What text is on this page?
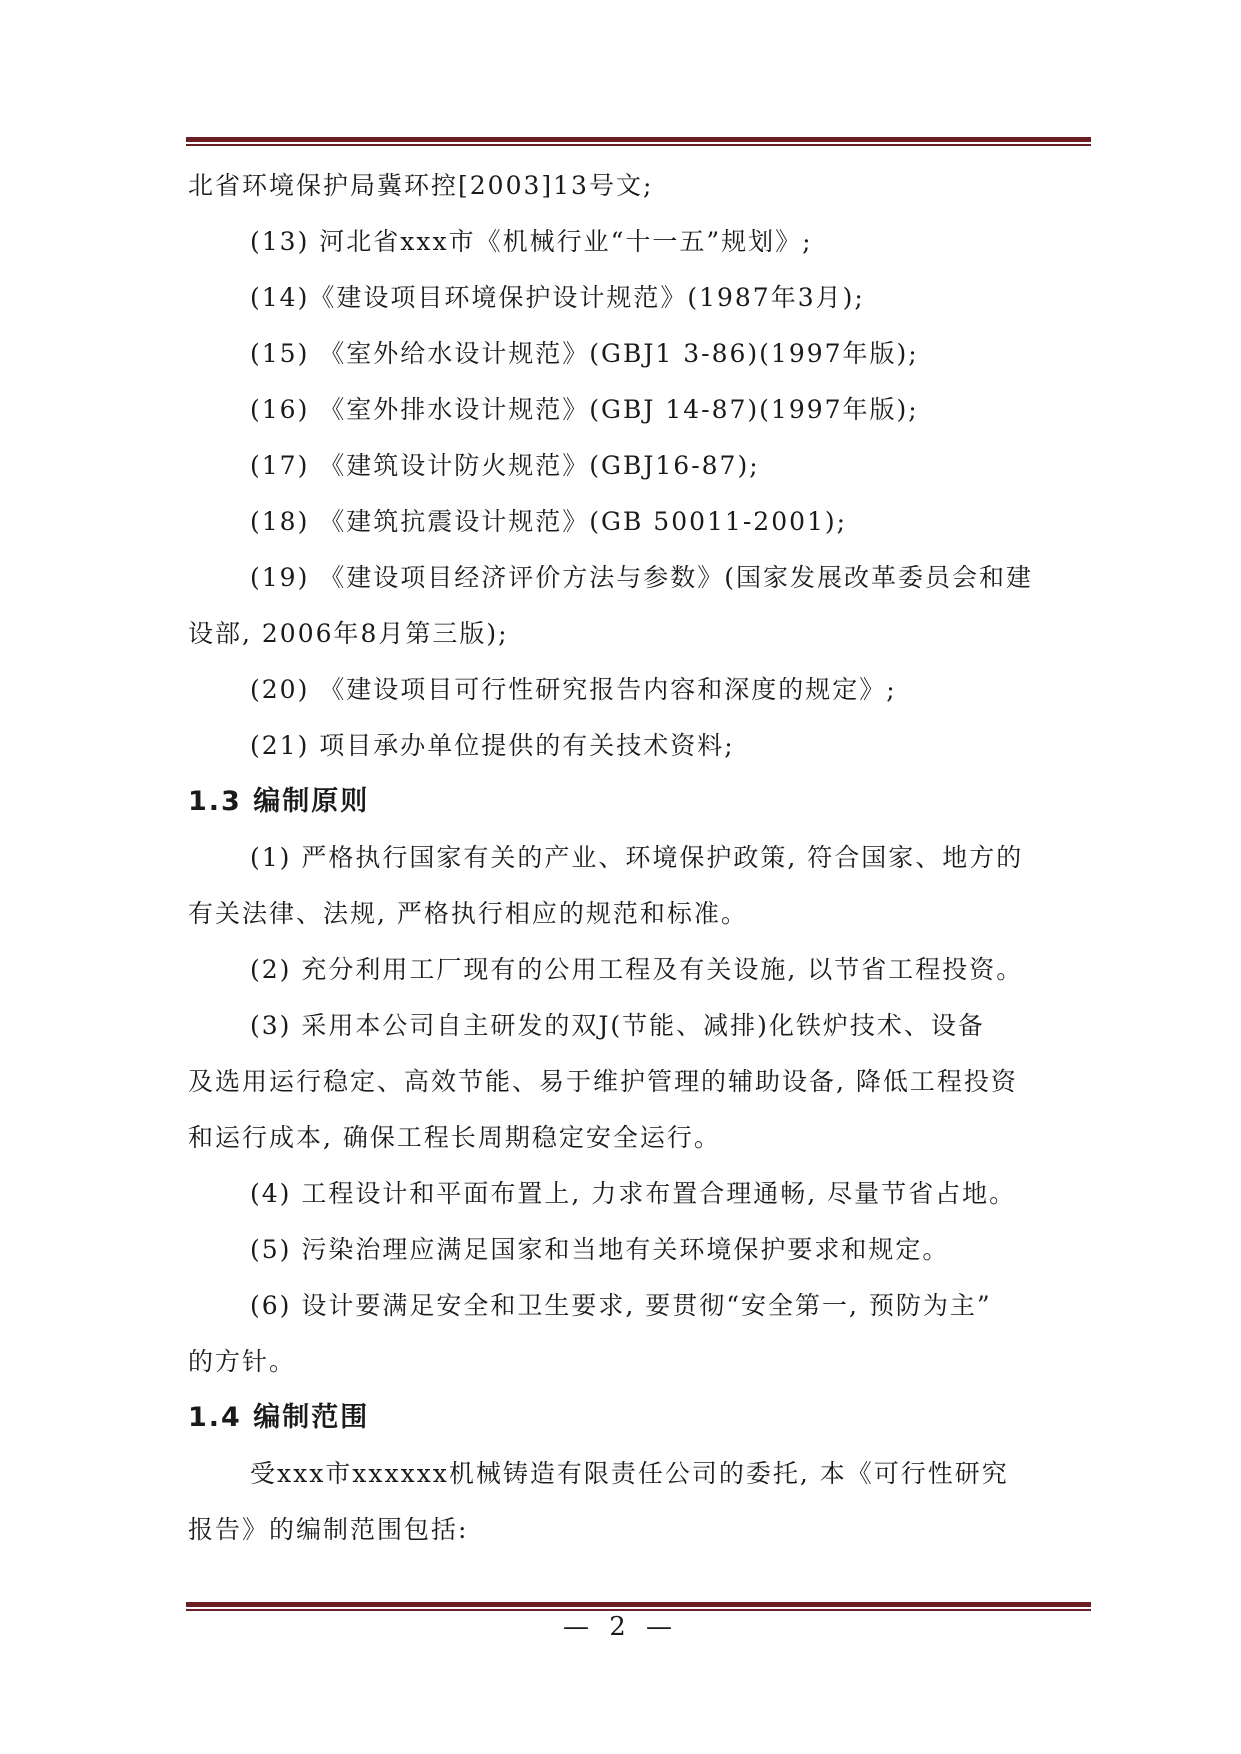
北省环境保护局冀环控[2003]13号文;
(13) 河北省xxx市《机械行业“十一五”规划》;
(14)《建设项目环境保护设计规范》(1987年3月);
(15) 《室外给水设计规范》(GBJ1 3-86)(1997年版);
(16) 《室外排水设计规范》(GBJ 14-87)(1997年版);
(17) 《建筑设计防火规范》(GBJ16-87);
(18) 《建筑抗震设计规范》(GB 50011-2001);
(19) 《建设项目经济评价方法与参数》(国家发展改革委员会和建
设部, 2006年8月第三版);
(20) 《建设项目可行性研究报告内容和深度的规定》;
(21) 项目承办单位提供的有关技术资料;
1.3 编制原则
(1) 严格执行国家有关的产业、环境保护政策, 符合国家、地方的
有关法律、法规, 严格执行相应的规范和标准。
(2) 充分利用工厂现有的公用工程及有关设施, 以节省工程投资。
(3) 采用本公司自主研发的双J(节能、减排)化铁炉技术、设备
及选用运行稳定、高效节能、易于维护管理的辅助设备, 降低工程投资
和运行成本, 确保工程长周期稳定安全运行。
(4) 工程设计和平面布置上, 力求布置合理通畅, 尽量节省占地。
(5) 污染治理应满足国家和当地有关环境保护要求和规定。
(6) 设计要满足安全和卫生要求, 要贯彻“安全第一, 预防为主”
的方针。
1.4 编制范围
受xxx市xxxxxx机械铸造有限责任公司的委托, 本《可行性研究
报告》的编制范围包括:
— 2 —
